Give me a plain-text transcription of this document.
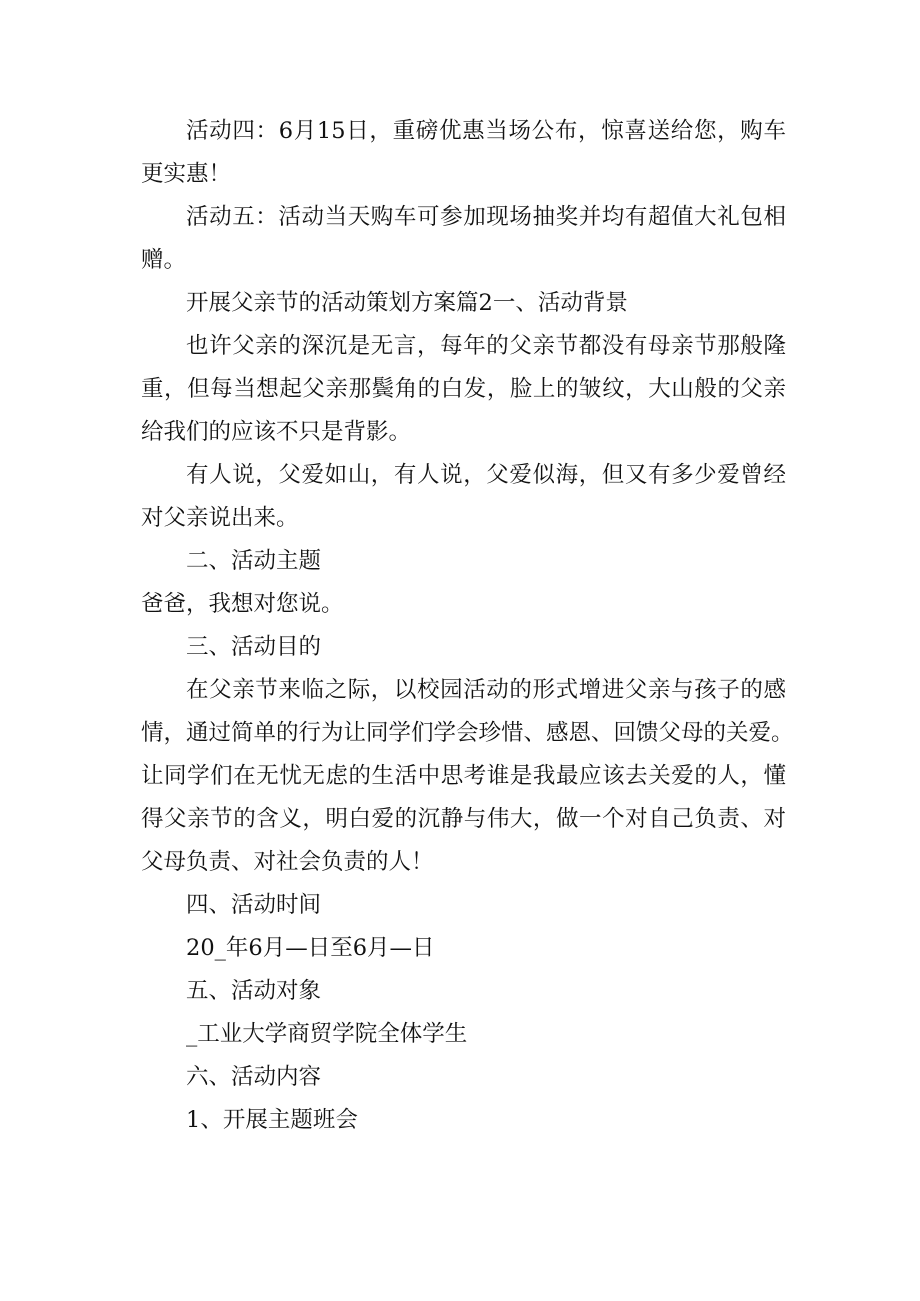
活动四：6月15日，重磅优惠当场公布，惊喜送给您，购车
更实惠！
活动五：活动当天购车可参加现场抽奖并均有超值大礼包相
赠。
开展父亲节的活动策划方案篇2一、活动背景
也许父亲的深沉是无言，每年的父亲节都没有母亲节那般隆
重，但每当想起父亲那鬓角的白发，脸上的皱纹，大山般的父亲
给我们的应该不只是背影。
有人说，父爱如山，有人说，父爱似海，但又有多少爱曾经
对父亲说出来。
二、活动主题
爸爸，我想对您说。
三、活动目的
在父亲节来临之际，以校园活动的形式增进父亲与孩子的感
情，通过简单的行为让同学们学会珍惜、感恩、回馈父母的关爱。
让同学们在无忧无虑的生活中思考谁是我最应该去关爱的人，懂
得父亲节的含义，明白爱的沉静与伟大，做一个对自己负责、对
父母负责、对社会负责的人！
四、活动时间
20_年6月—日至6月—日
五、活动对象
_工业大学商贸学院全体学生
六、活动内容
1、开展主题班会
